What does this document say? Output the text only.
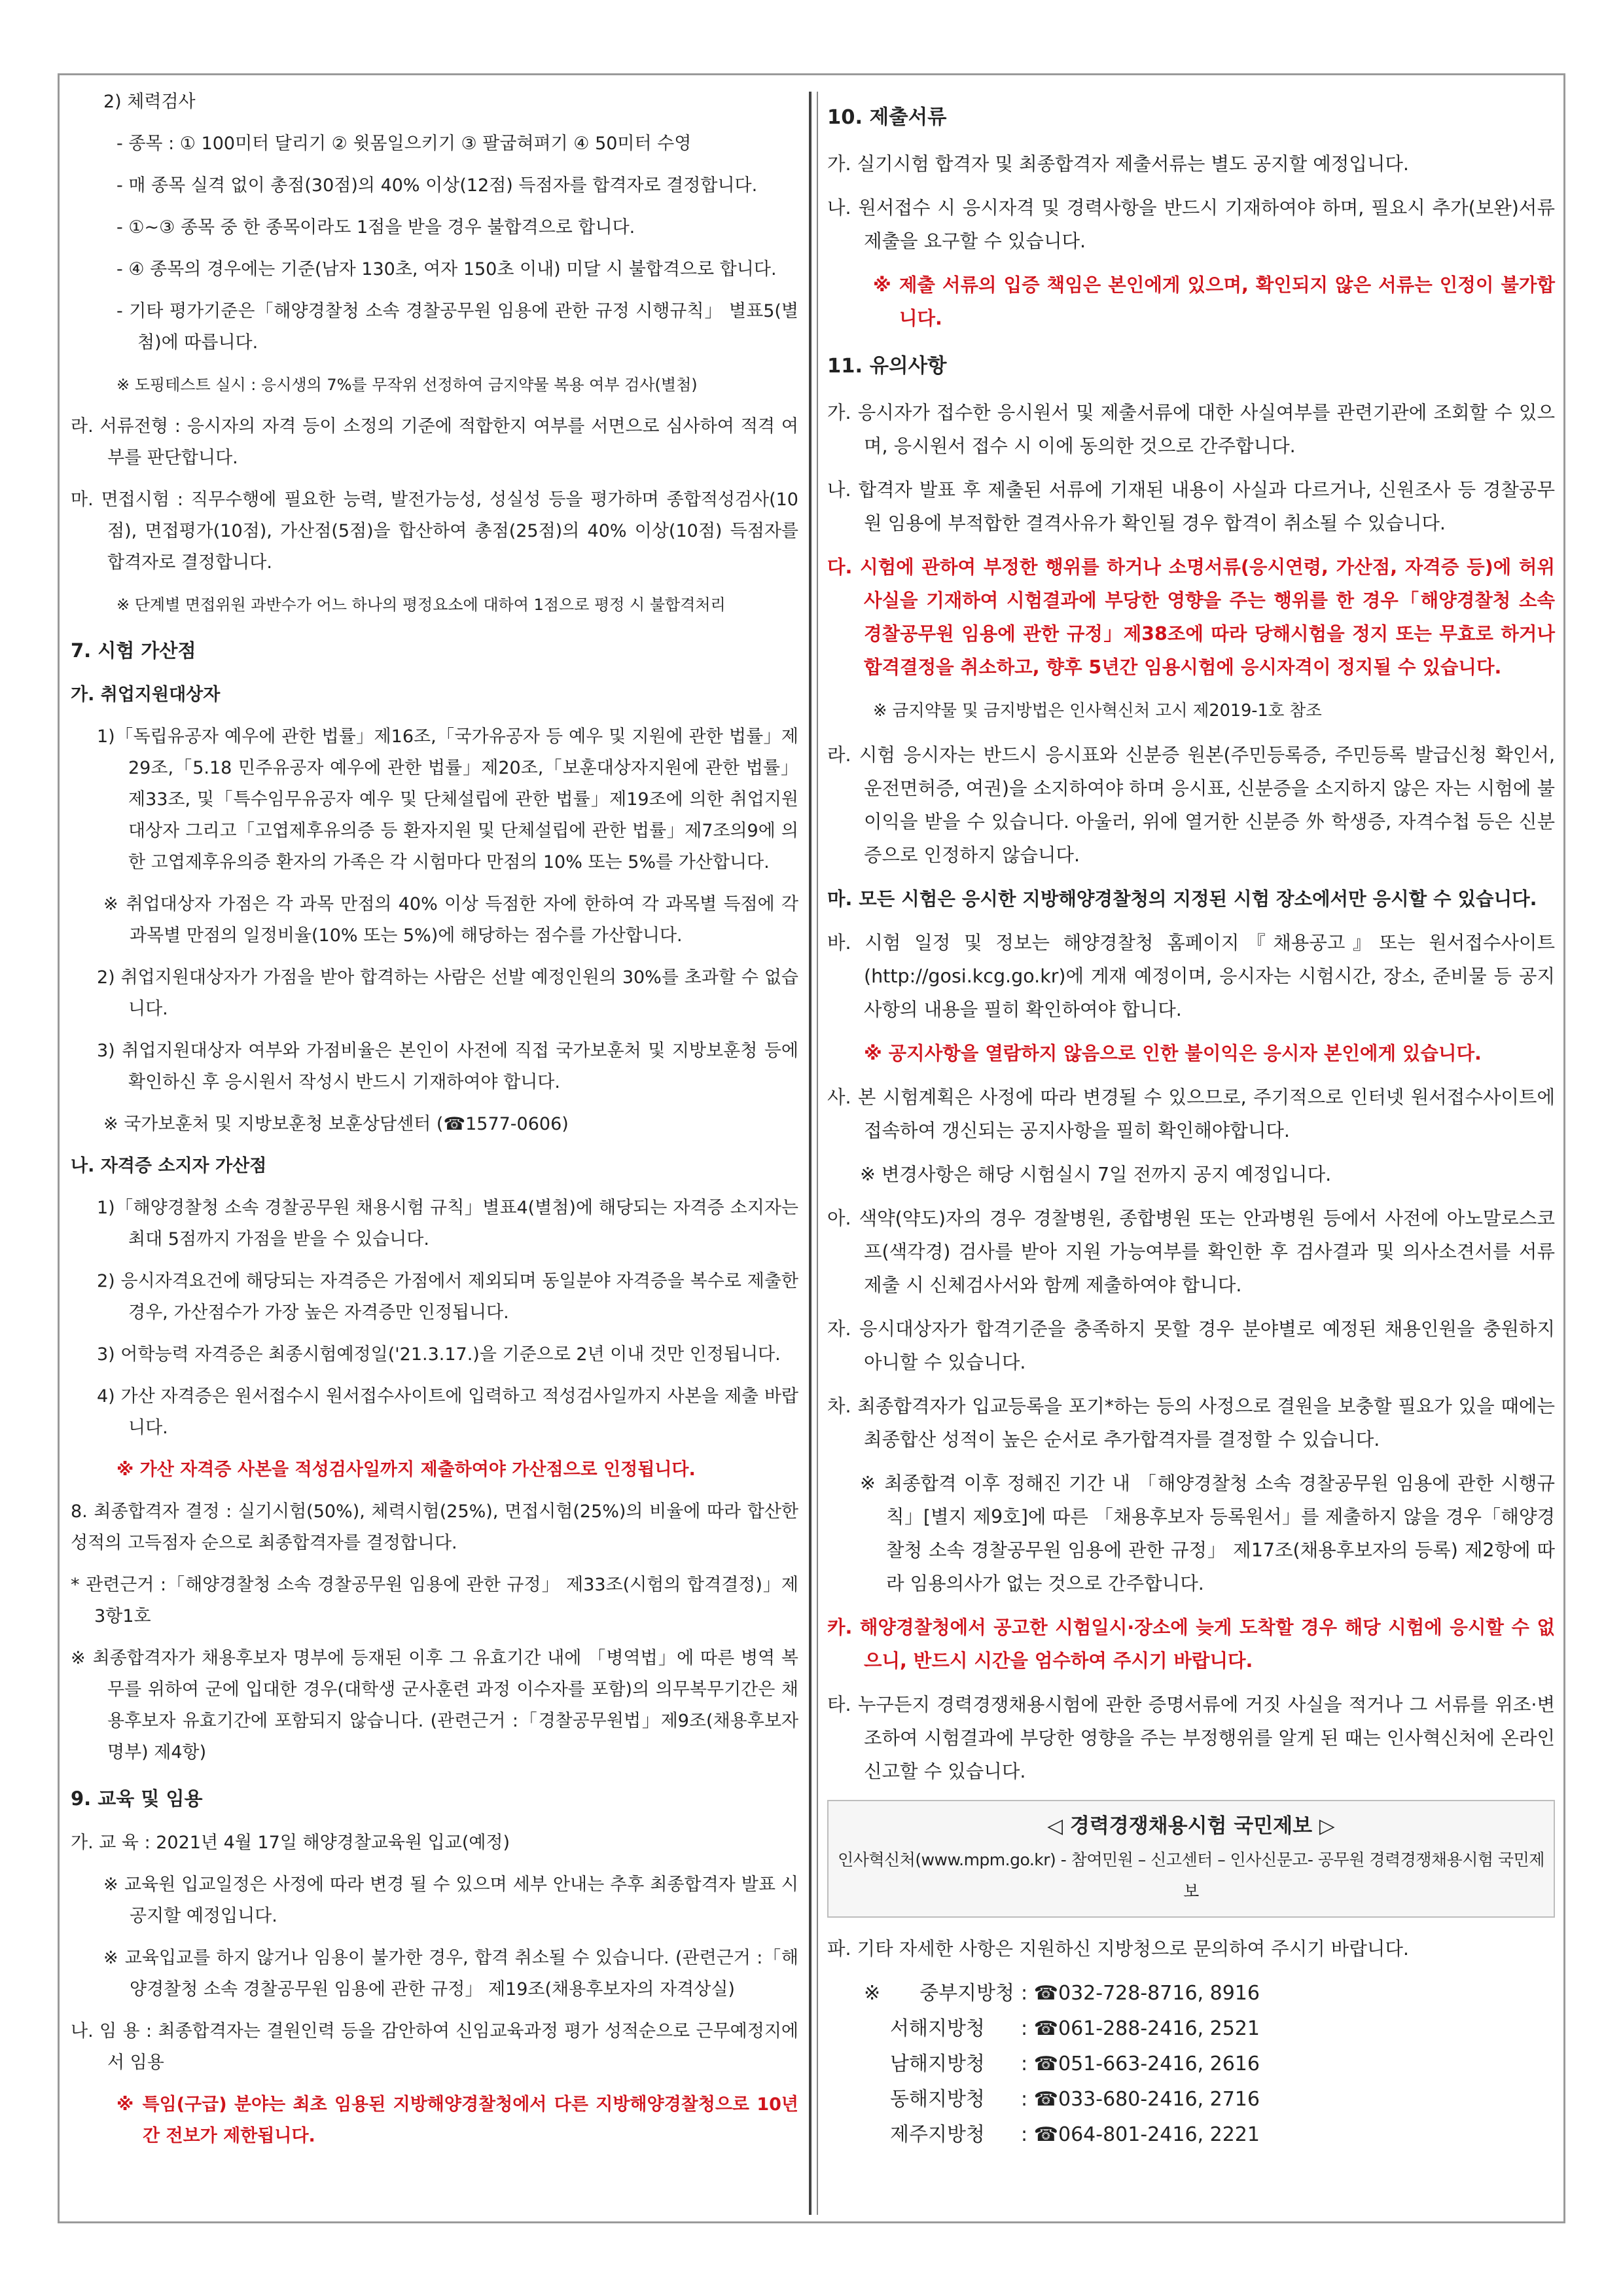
2) 체력검사
- 종목 : ① 100미터 달리기 ② 윗몸일으키기 ③ 팔굽혀펴기 ④ 50미터 수영
- 매 종목 실격 없이 총점(30점)의 40% 이상(12점) 득점자를 합격자로 결정합니다.
- ①~③ 종목 중 한 종목이라도 1점을 받을 경우 불합격으로 합니다.
- ④ 종목의 경우에는 기준(남자 130초, 여자 150초 이내) 미달 시 불합격으로 합니다.
- 기타 평가기준은「해양경찰청 소속 경찰공무원 임용에 관한 규정 시행규칙」 별표5(별첨)에 따릅니다.
※ 도핑테스트 실시 : 응시생의 7%를 무작위 선정하여 금지약물 복용 여부 검사(별첨)
라. 서류전형 : 응시자의 자격 등이 소정의 기준에 적합한지 여부를 서면으로 심사하여 적격 여부를 판단합니다.
마. 면접시험 : 직무수행에 필요한 능력, 발전가능성, 성실성 등을 평가하며 종합적성검사(10점), 면접평가(10점), 가산점(5점)을 합산하여 총점(25점)의 40% 이상(10점) 득점자를 합격자로 결정합니다.
※ 단계별 면접위원 과반수가 어느 하나의 평정요소에 대하여 1점으로 평정 시 불합격처리
7. 시험 가산점
가. 취업지원대상자
1)「독립유공자 예우에 관한 법률」제16조,「국가유공자 등 예우 및 지원에 관한 법률」제29조,「5.18 민주유공자 예우에 관한 법률」제20조,「보훈대상자지원에 관한 법률」제33조, 및「특수임무유공자 예우 및 단체설립에 관한 법률」제19조에 의한 취업지원대상자 그리고「고엽제후유의증 등 환자지원 및 단체설립에 관한 법률」제7조의9에 의한 고엽제후유의증 환자의 가족은 각 시험마다 만점의 10% 또는 5%를 가산합니다.
※ 취업대상자 가점은 각 과목 만점의 40% 이상 득점한 자에 한하여 각 과목별 득점에 각 과목별 만점의 일정비율(10% 또는 5%)에 해당하는 점수를 가산합니다.
2) 취업지원대상자가 가점을 받아 합격하는 사람은 선발 예정인원의 30%를 초과할 수 없습니다.
3) 취업지원대상자 여부와 가점비율은 본인이 사전에 직접 국가보훈처 및 지방보훈청 등에 확인하신 후 응시원서 작성시 반드시 기재하여야 합니다.
※ 국가보훈처 및 지방보훈청 보훈상담센터 (☎1577-0606)
나. 자격증 소지자 가산점
1)「해양경찰청 소속 경찰공무원 채용시험 규칙」별표4(별첨)에 해당되는 자격증 소지자는 최대 5점까지 가점을 받을 수 있습니다.
2) 응시자격요건에 해당되는 자격증은 가점에서 제외되며 동일분야 자격증을 복수로 제출한 경우, 가산점수가 가장 높은 자격증만 인정됩니다.
3) 어학능력 자격증은 최종시험예정일('21.3.17.)을 기준으로 2년 이내 것만 인정됩니다.
4) 가산 자격증은 원서접수시 원서접수사이트에 입력하고 적성검사일까지 사본을 제출 바랍니다.
※ 가산 자격증 사본을 적성검사일까지 제출하여야 가산점으로 인정됩니다.
8. 최종합격자 결정 : 실기시험(50%), 체력시험(25%), 면접시험(25%)의 비율에 따라 합산한 성적의 고득점자 순으로 최종합격자를 결정합니다.
* 관련근거 :「해양경찰청 소속 경찰공무원 임용에 관한 규정」 제33조(시험의 합격결정)」제3항1호
※ 최종합격자가 채용후보자 명부에 등재된 이후 그 유효기간 내에 「병역법」에 따른 병역 복무를 위하여 군에 입대한 경우(대학생 군사훈련 과정 이수자를 포함)의 의무복무기간은 채용후보자 유효기간에 포함되지 않습니다. (관련근거 :「경찰공무원법」제9조(채용후보자 명부) 제4항)
9. 교육 및 임용
가. 교 육 : 2021년 4월 17일 해양경찰교육원 입교(예정)
※ 교육원 입교일정은 사정에 따라 변경 될 수 있으며 세부 안내는 추후 최종합격자 발표 시 공지할 예정입니다.
※ 교육입교를 하지 않거나 임용이 불가한 경우, 합격 취소될 수 있습니다. (관련근거 :「해양경찰청 소속 경찰공무원 임용에 관한 규정」 제19조(채용후보자의 자격상실)
나. 임 용 : 최종합격자는 결원인력 등을 감안하여 신임교육과정 평가 성적순으로 근무예정지에서 임용
※ 특임(구급) 분야는 최초 임용된 지방해양경찰청에서 다른 지방해양경찰청으로 10년 간 전보가 제한됩니다.
10. 제출서류
가. 실기시험 합격자 및 최종합격자 제출서류는 별도 공지할 예정입니다.
나. 원서접수 시 응시자격 및 경력사항을 반드시 기재하여야 하며, 필요시 추가(보완)서류 제출을 요구할 수 있습니다.
※ 제출 서류의 입증 책임은 본인에게 있으며, 확인되지 않은 서류는 인정이 불가합니다.
11. 유의사항
가. 응시자가 접수한 응시원서 및 제출서류에 대한 사실여부를 관련기관에 조회할 수 있으며, 응시원서 접수 시 이에 동의한 것으로 간주합니다.
나. 합격자 발표 후 제출된 서류에 기재된 내용이 사실과 다르거나, 신원조사 등 경찰공무원 임용에 부적합한 결격사유가 확인될 경우 합격이 취소될 수 있습니다.
다. 시험에 관하여 부정한 행위를 하거나 소명서류(응시연령, 가산점, 자격증 등)에 허위사실을 기재하여 시험결과에 부당한 영향을 주는 행위를 한 경우「해양경찰청 소속 경찰공무원 임용에 관한 규정」제38조에 따라 당해시험을 정지 또는 무효로 하거나 합격결정을 취소하고, 향후 5년간 임용시험에 응시자격이 정지될 수 있습니다.
※ 금지약물 및 금지방법은 인사혁신처 고시 제2019-1호 참조
라. 시험 응시자는 반드시 응시표와 신분증 원본(주민등록증, 주민등록 발급신청 확인서, 운전면허증, 여권)을 소지하여야 하며 응시표, 신분증을 소지하지 않은 자는 시험에 불이익을 받을 수 있습니다. 아울러, 위에 열거한 신분증 外 학생증, 자격수첩 등은 신분증으로 인정하지 않습니다.
마. 모든 시험은 응시한 지방해양경찰청의 지정된 시험 장소에서만 응시할 수 있습니다.
바. 시험 일정 및 정보는 해양경찰청 홈페이지『채용공고』또는 원서접수사이트(http://gosi.kcg.go.kr)에 게재 예정이며, 응시자는 시험시간, 장소, 준비물 등 공지사항의 내용을 필히 확인하여야 합니다.
※ 공지사항을 열람하지 않음으로 인한 불이익은 응시자 본인에게 있습니다.
사. 본 시험계획은 사정에 따라 변경될 수 있으므로, 주기적으로 인터넷 원서접수사이트에 접속하여 갱신되는 공지사항을 필히 확인해야합니다.
※ 변경사항은 해당 시험실시 7일 전까지 공지 예정입니다.
아. 색약(약도)자의 경우 경찰병원, 종합병원 또는 안과병원 등에서 사전에 아노말로스코프(색각경) 검사를 받아 지원 가능여부를 확인한 후 검사결과 및 의사소견서를 서류 제출 시 신체검사서와 함께 제출하여야 합니다.
자. 응시대상자가 합격기준을 충족하지 못할 경우 분야별로 예정된 채용인원을 충원하지 아니할 수 있습니다.
차. 최종합격자가 입교등록을 포기*하는 등의 사정으로 결원을 보충할 필요가 있을 때에는 최종합산 성적이 높은 순서로 추가합격자를 결정할 수 있습니다.
※ 최종합격 이후 정해진 기간 내 「해양경찰청 소속 경찰공무원 임용에 관한 시행규칙」[별지 제9호]에 따른 「채용후보자 등록원서」를 제출하지 않을 경우「해양경찰청 소속 경찰공무원 임용에 관한 규정」 제17조(채용후보자의 등록) 제2항에 따라 임용의사가 없는 것으로 간주합니다.
카. 해양경찰청에서 공고한 시험일시·장소에 늦게 도착할 경우 해당 시험에 응시할 수 없으니, 반드시 시간을 엄수하여 주시기 바랍니다.
타. 누구든지 경력경쟁채용시험에 관한 증명서류에 거짓 사실을 적거나 그 서류를 위조·변조하여 시험결과에 부당한 영향을 주는 부정행위를 알게 된 때는 인사혁신처에 온라인 신고할 수 있습니다.
◁ 경력경쟁채용시험 국민제보 ▷
인사혁신처(www.mpm.go.kr) - 참여민원 – 신고센터 – 인사신문고- 공무원 경력경쟁채용시험 국민제보
파. 기타 자세한 사항은 지원하신 지방청으로 문의하여 주시기 바랍니다.
※ 중부지방청 : ☎032-728-8716, 8916
서해지방청	: ☎061-288-2416, 2521
남해지방청	: ☎051-663-2416, 2616
동해지방청	: ☎033-680-2416, 2716
제주지방청	: ☎064-801-2416, 2221
